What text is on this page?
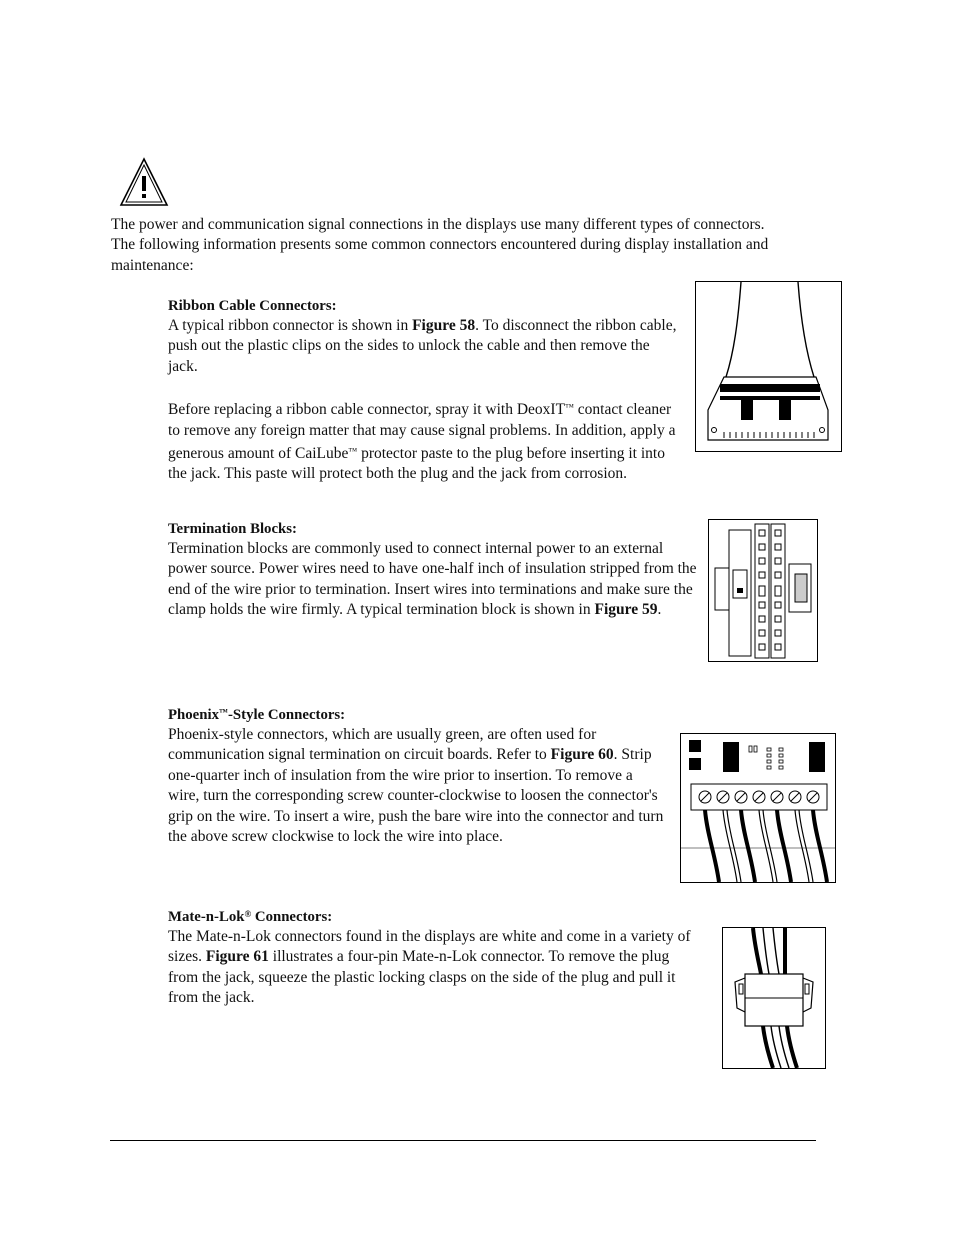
The power and communication signal connections in the displays use many different types of connectors. The following information presents some common connectors encountered during display installation and maintenance:

Ribbon Cable Connectors:

A typical ribbon connector is shown in Figure 58. To disconnect the ribbon cable, push out the plastic clips on the sides to unlock the cable and then remove the jack.

Before replacing a ribbon cable connector, spray it with DeoxIT™ contact cleaner to remove any foreign matter that may cause signal problems. In addition, apply a generous amount of CaiLube™ protector paste to the plug before inserting it into the jack. This paste will protect both the plug and the jack from corrosion.

Termination Blocks:

Termination blocks are commonly used to connect internal power to an external power source. Power wires need to have one-half inch of insulation stripped from the end of the wire prior to termination. Insert wires into terminations and make sure the clamp holds the wire firmly. A typical termination block is shown in Figure 59.

Phoenix™-Style Connectors:

Phoenix-style connectors, which are usually green, are often used for communication signal termination on circuit boards. Refer to Figure 60. Strip one-quarter inch of insulation from the wire prior to insertion. To remove a wire, turn the corresponding screw counter-clockwise to loosen the connector's grip on the wire. To insert a wire, push the bare wire into the connector and turn the above screw clockwise to lock the wire into place.

Mate-n-Lok® Connectors:

The Mate-n-Lok connectors found in the displays are white and come in a variety of sizes. Figure 61 illustrates a four-pin Mate-n-Lok connector. To remove the plug from the jack, squeeze the plastic locking clasps on the side of the plug and pull it from the jack.
